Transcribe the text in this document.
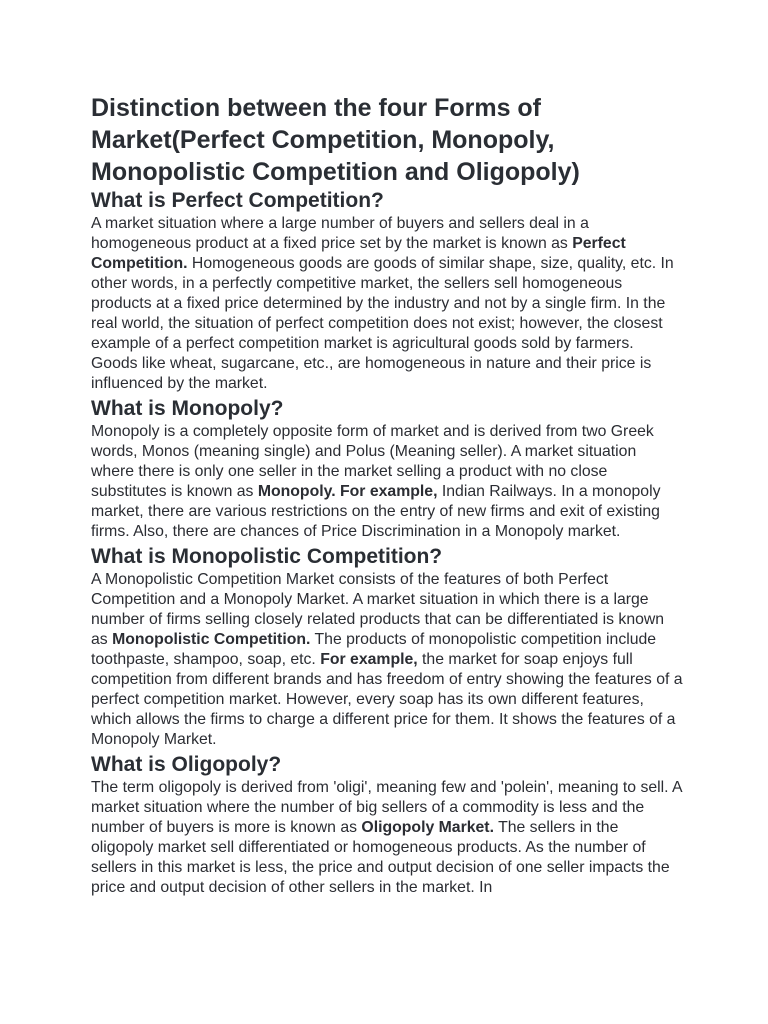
Distinction between the four Forms of Market(Perfect Competition, Monopoly, Monopolistic Competition and Oligopoly)
What is Perfect Competition?

A market situation where a large number of buyers and sellers deal in a homogeneous product at a fixed price set by the market is known as Perfect Competition. Homogeneous goods are goods of similar shape, size, quality, etc. In other words, in a perfectly competitive market, the sellers sell homogeneous products at a fixed price determined by the industry and not by a single firm. In the real world, the situation of perfect competition does not exist; however, the closest example of a perfect competition market is agricultural goods sold by farmers. Goods like wheat, sugarcane, etc., are homogeneous in nature and their price is influenced by the market.

What is Monopoly?

Monopoly is a completely opposite form of market and is derived from two Greek words, Monos (meaning single) and Polus (Meaning seller). A market situation where there is only one seller in the market selling a product with no close substitutes is known as Monopoly. For example, Indian Railways. In a monopoly market, there are various restrictions on the entry of new firms and exit of existing firms. Also, there are chances of Price Discrimination in a Monopoly market.

What is Monopolistic Competition?

A Monopolistic Competition Market consists of the features of both Perfect Competition and a Monopoly Market. A market situation in which there is a large number of firms selling closely related products that can be differentiated is known as Monopolistic Competition. The products of monopolistic competition include toothpaste, shampoo, soap, etc. For example, the market for soap enjoys full competition from different brands and has freedom of entry showing the features of a perfect competition market. However, every soap has its own different features, which allows the firms to charge a different price for them. It shows the features of a Monopoly Market.

What is Oligopoly?

The term oligopoly is derived from 'oligi', meaning few and 'polein', meaning to sell. A market situation where the number of big sellers of a commodity is less and the number of buyers is more is known as Oligopoly Market. The sellers in the oligopoly market sell differentiated or homogeneous products. As the number of sellers in this market is less, the price and output decision of one seller impacts the price and output decision of other sellers in the market. In
